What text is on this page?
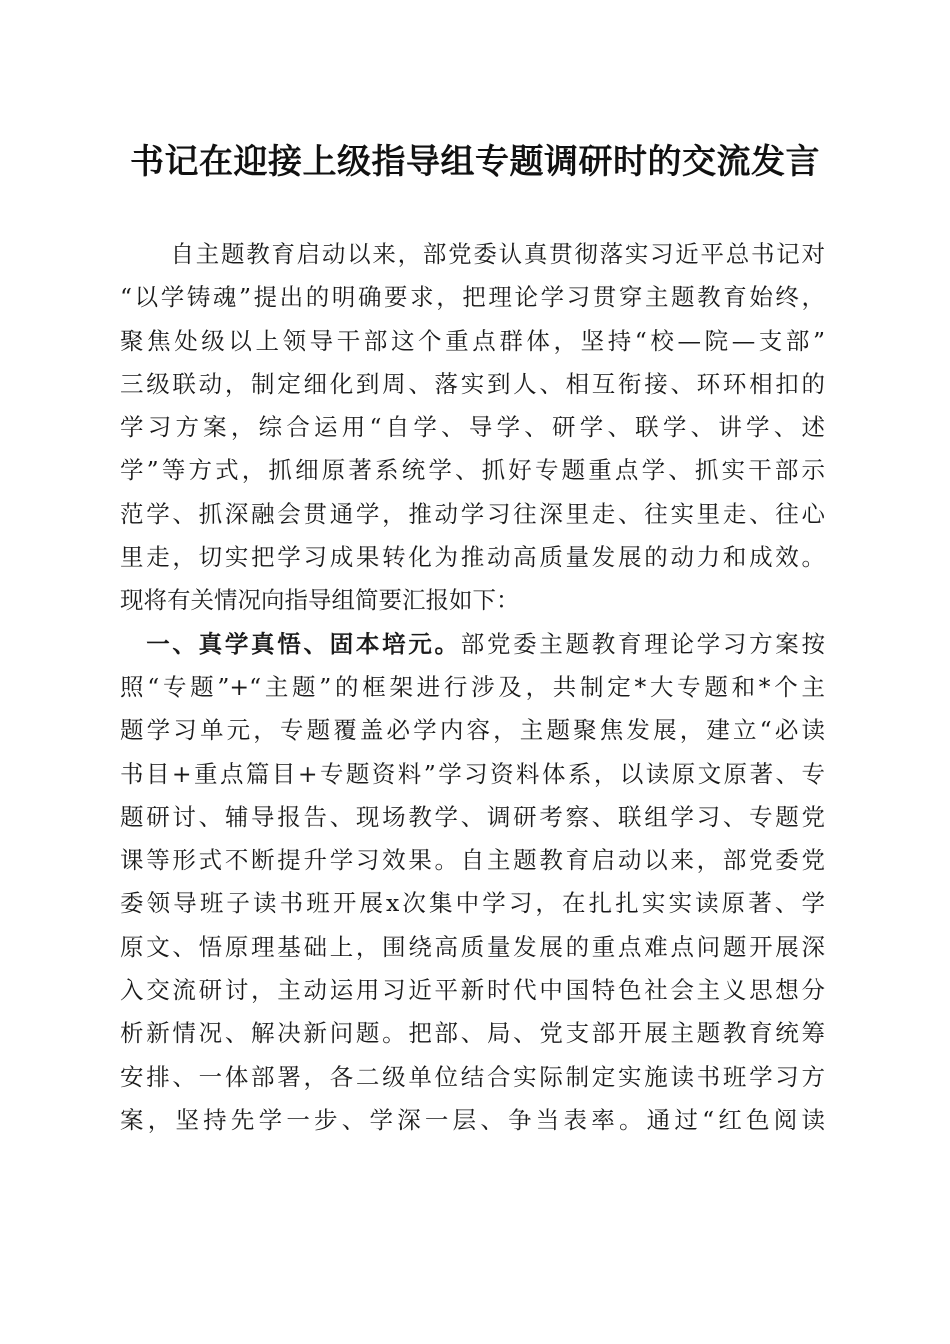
书记在迎接上级指导组专题调研时的交流发言
　　自主题教育启动以来，部党委认真贯彻落实习近平总书记对
“以学铸魂”提出的明确要求，把理论学习贯穿主题教育始终，
聚焦处级以上领导干部这个重点群体，坚持“校—院—支部”
三级联动，制定细化到周、落实到人、相互衔接、环环相扣的
学习方案，综合运用“自学、导学、研学、联学、讲学、述
学”等方式，抓细原著系统学、抓好专题重点学、抓实干部示
范学、抓深融会贯通学，推动学习往深里走、往实里走、往心
里走，切实把学习成果转化为推动高质量发展的动力和成效。
现将有关情况向指导组简要汇报如下：
　一、真学真悟、固本培元。部党委主题教育理论学习方案按
照“专题”+“主题”的框架进行涉及，共制定*大专题和*个主
题学习单元，专题覆盖必学内容，主题聚焦发展，建立“必读
书目+重点篇目+专题资料”学习资料体系，以读原文原著、专
题研讨、辅导报告、现场教学、调研考察、联组学习、专题党
课等形式不断提升学习效果。自主题教育启动以来，部党委党
委领导班子读书班开展x次集中学习，在扎扎实实读原著、学
原文、悟原理基础上，围绕高质量发展的重点难点问题开展深
入交流研讨，主动运用习近平新时代中国特色社会主义思想分
析新情况、解决新问题。把部、局、党支部开展主题教育统筹
安排、一体部署，各二级单位结合实际制定实施读书班学习方
案，坚持先学一步、学深一层、争当表率。通过“红色阅读
